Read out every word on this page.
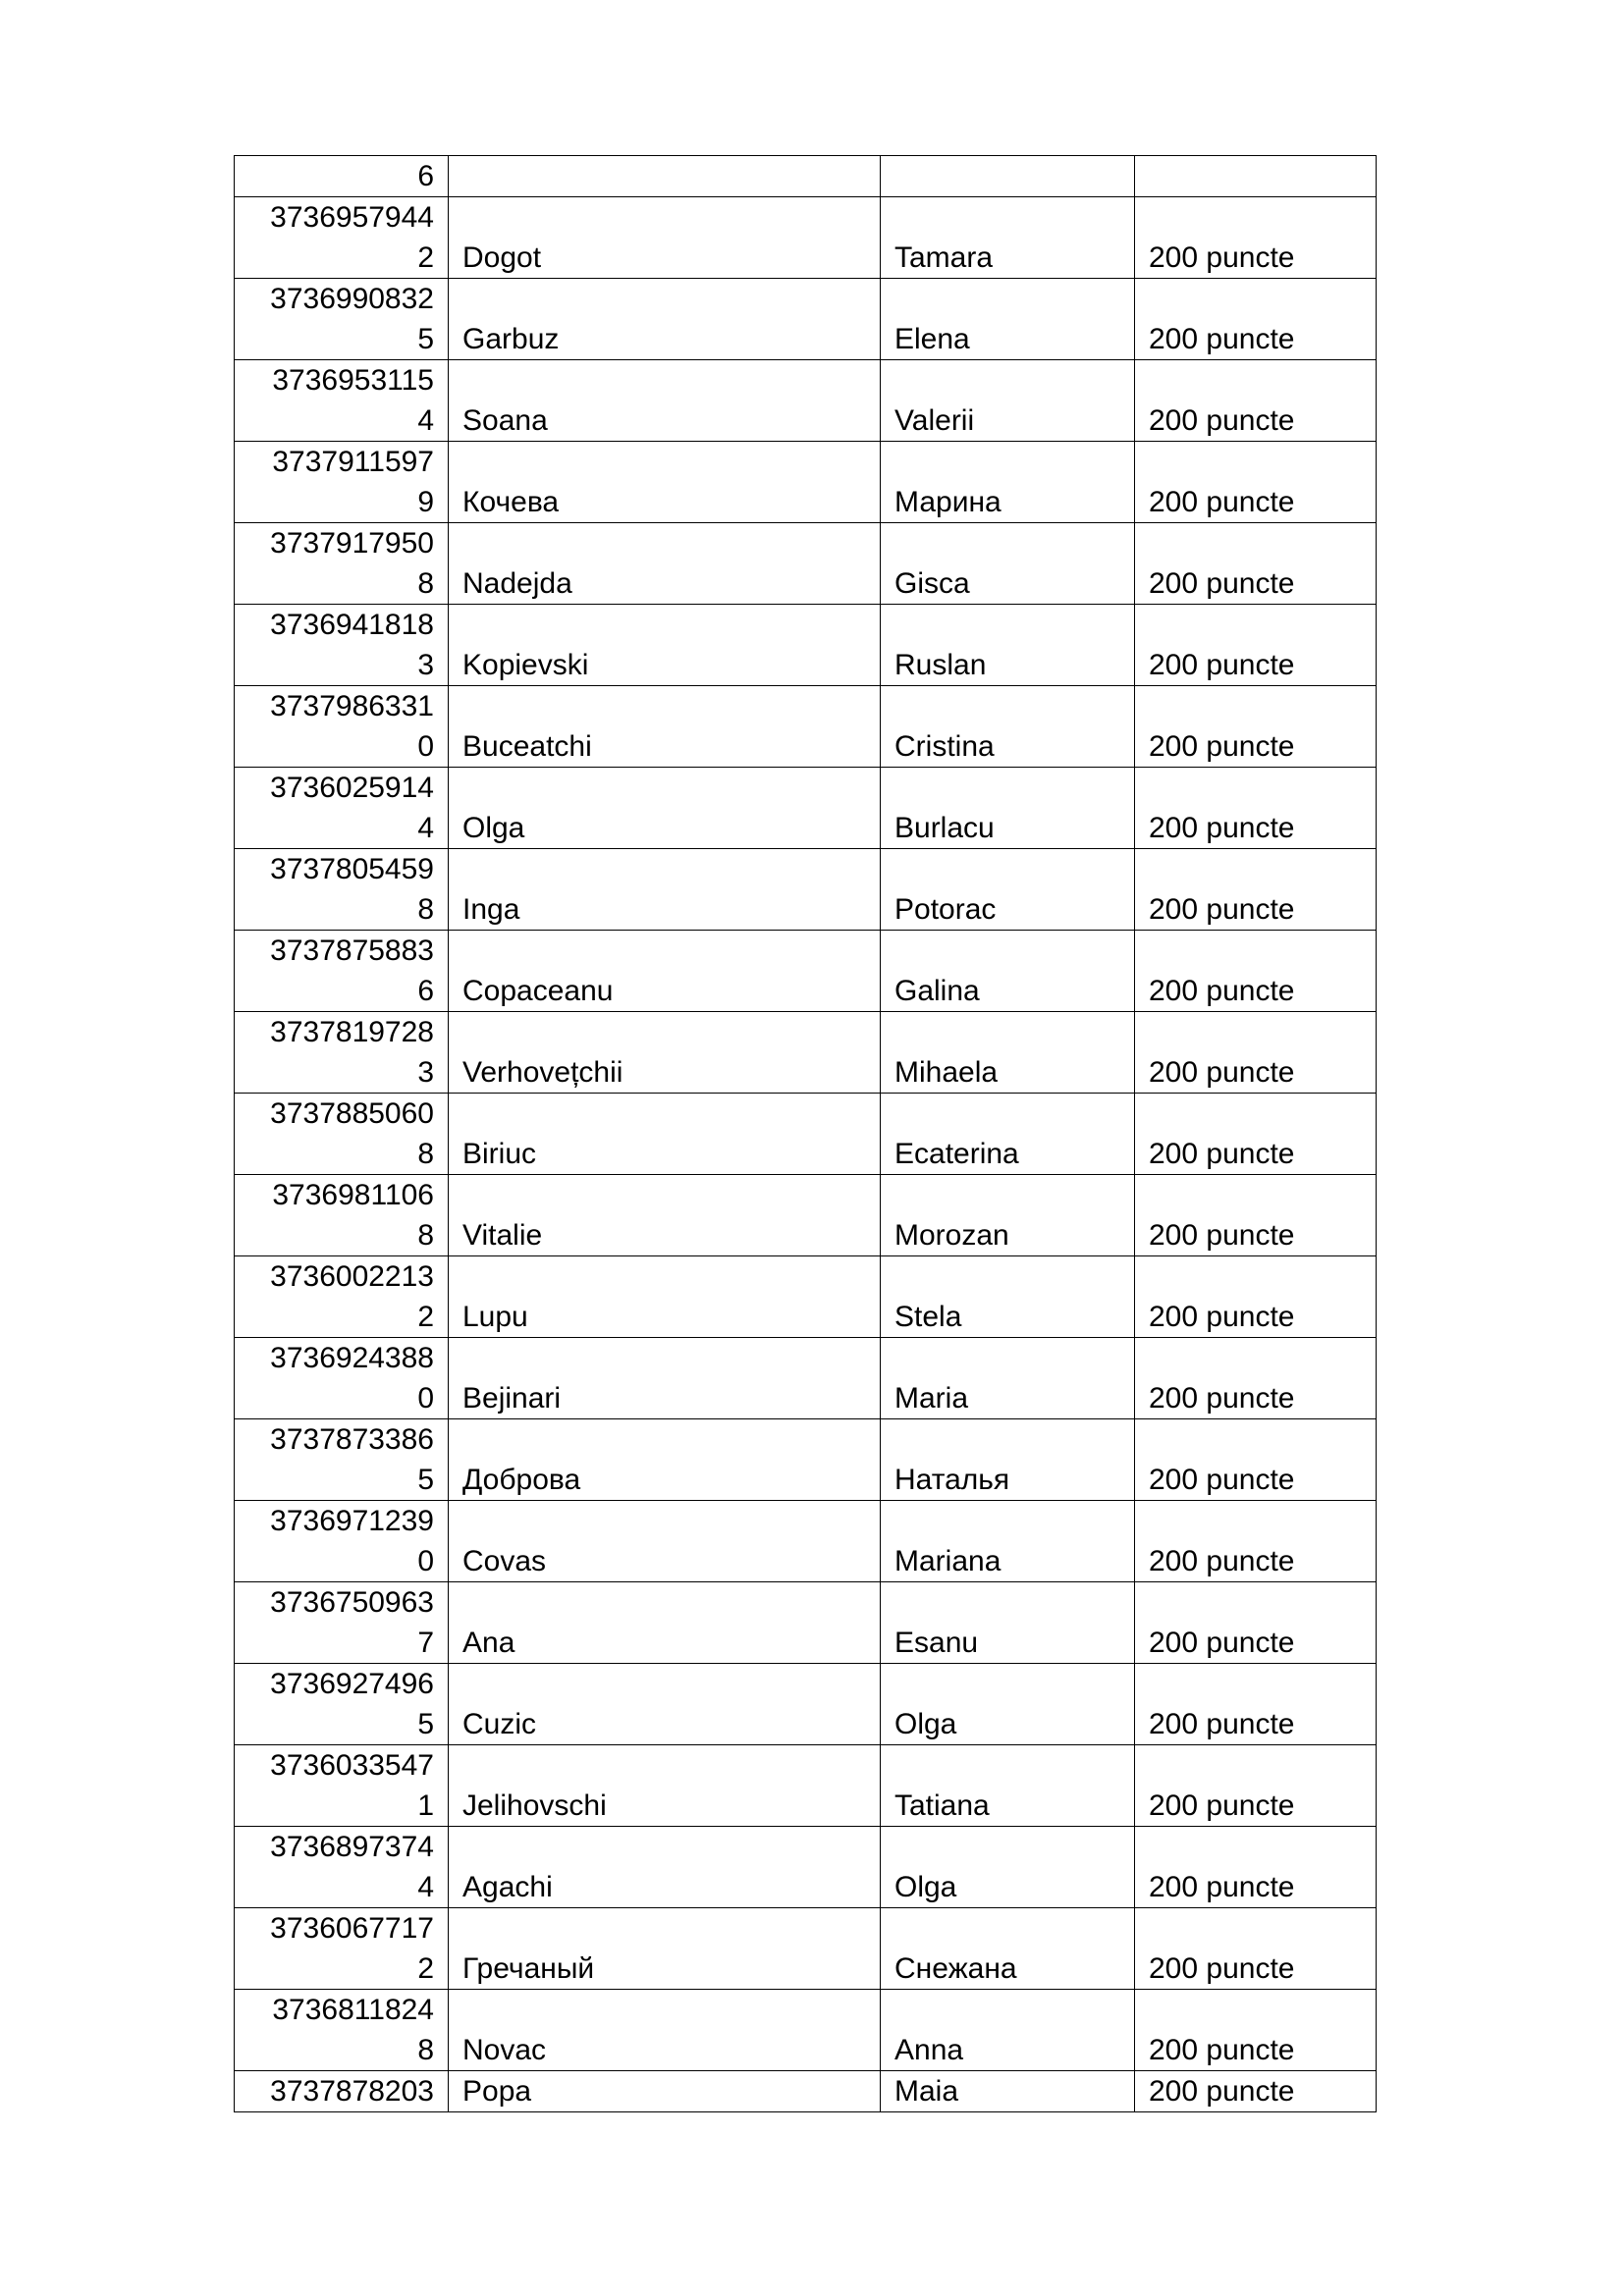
6			

3736957944
2	Dogot	Tamara	200 puncte

3736990832
5	Garbuz	Elena	200 puncte

3736953115
4	Soana	Valerii	200 puncte

3737911597
9	Кочева	Марина	200 puncte

3737917950
8	Nadejda	Gisca	200 puncte

3736941818
3	Kopievski	Ruslan	200 puncte

3737986331
0	Buceatchi	Cristina	200 puncte

3736025914
4	Olga	Burlacu	200 puncte

3737805459
8	Inga	Potorac	200 puncte

3737875883
6	Copaceanu	Galina	200 puncte

3737819728
3	Verhovețchii	Mihaela	200 puncte

3737885060
8	Biriuc	Ecaterina	200 puncte

3736981106
8	Vitalie	Morozan	200 puncte

3736002213
2	Lupu	Stela	200 puncte

3736924388
0	Bejinari	Maria	200 puncte

3737873386
5	Доброва	Наталья	200 puncte

3736971239
0	Covas	Mariana	200 puncte

3736750963
7	Ana	Esanu	200 puncte

3736927496
5	Cuzic	Olga	200 puncte

3736033547
1	Jelihovschi	Tatiana	200 puncte

3736897374
4	Agachi	Olga	200 puncte

3736067717
2	Гречаный	Снежана	200 puncte

3736811824
8	Novac	Anna	200 puncte

3737878203	Popa	Maia	200 puncte
